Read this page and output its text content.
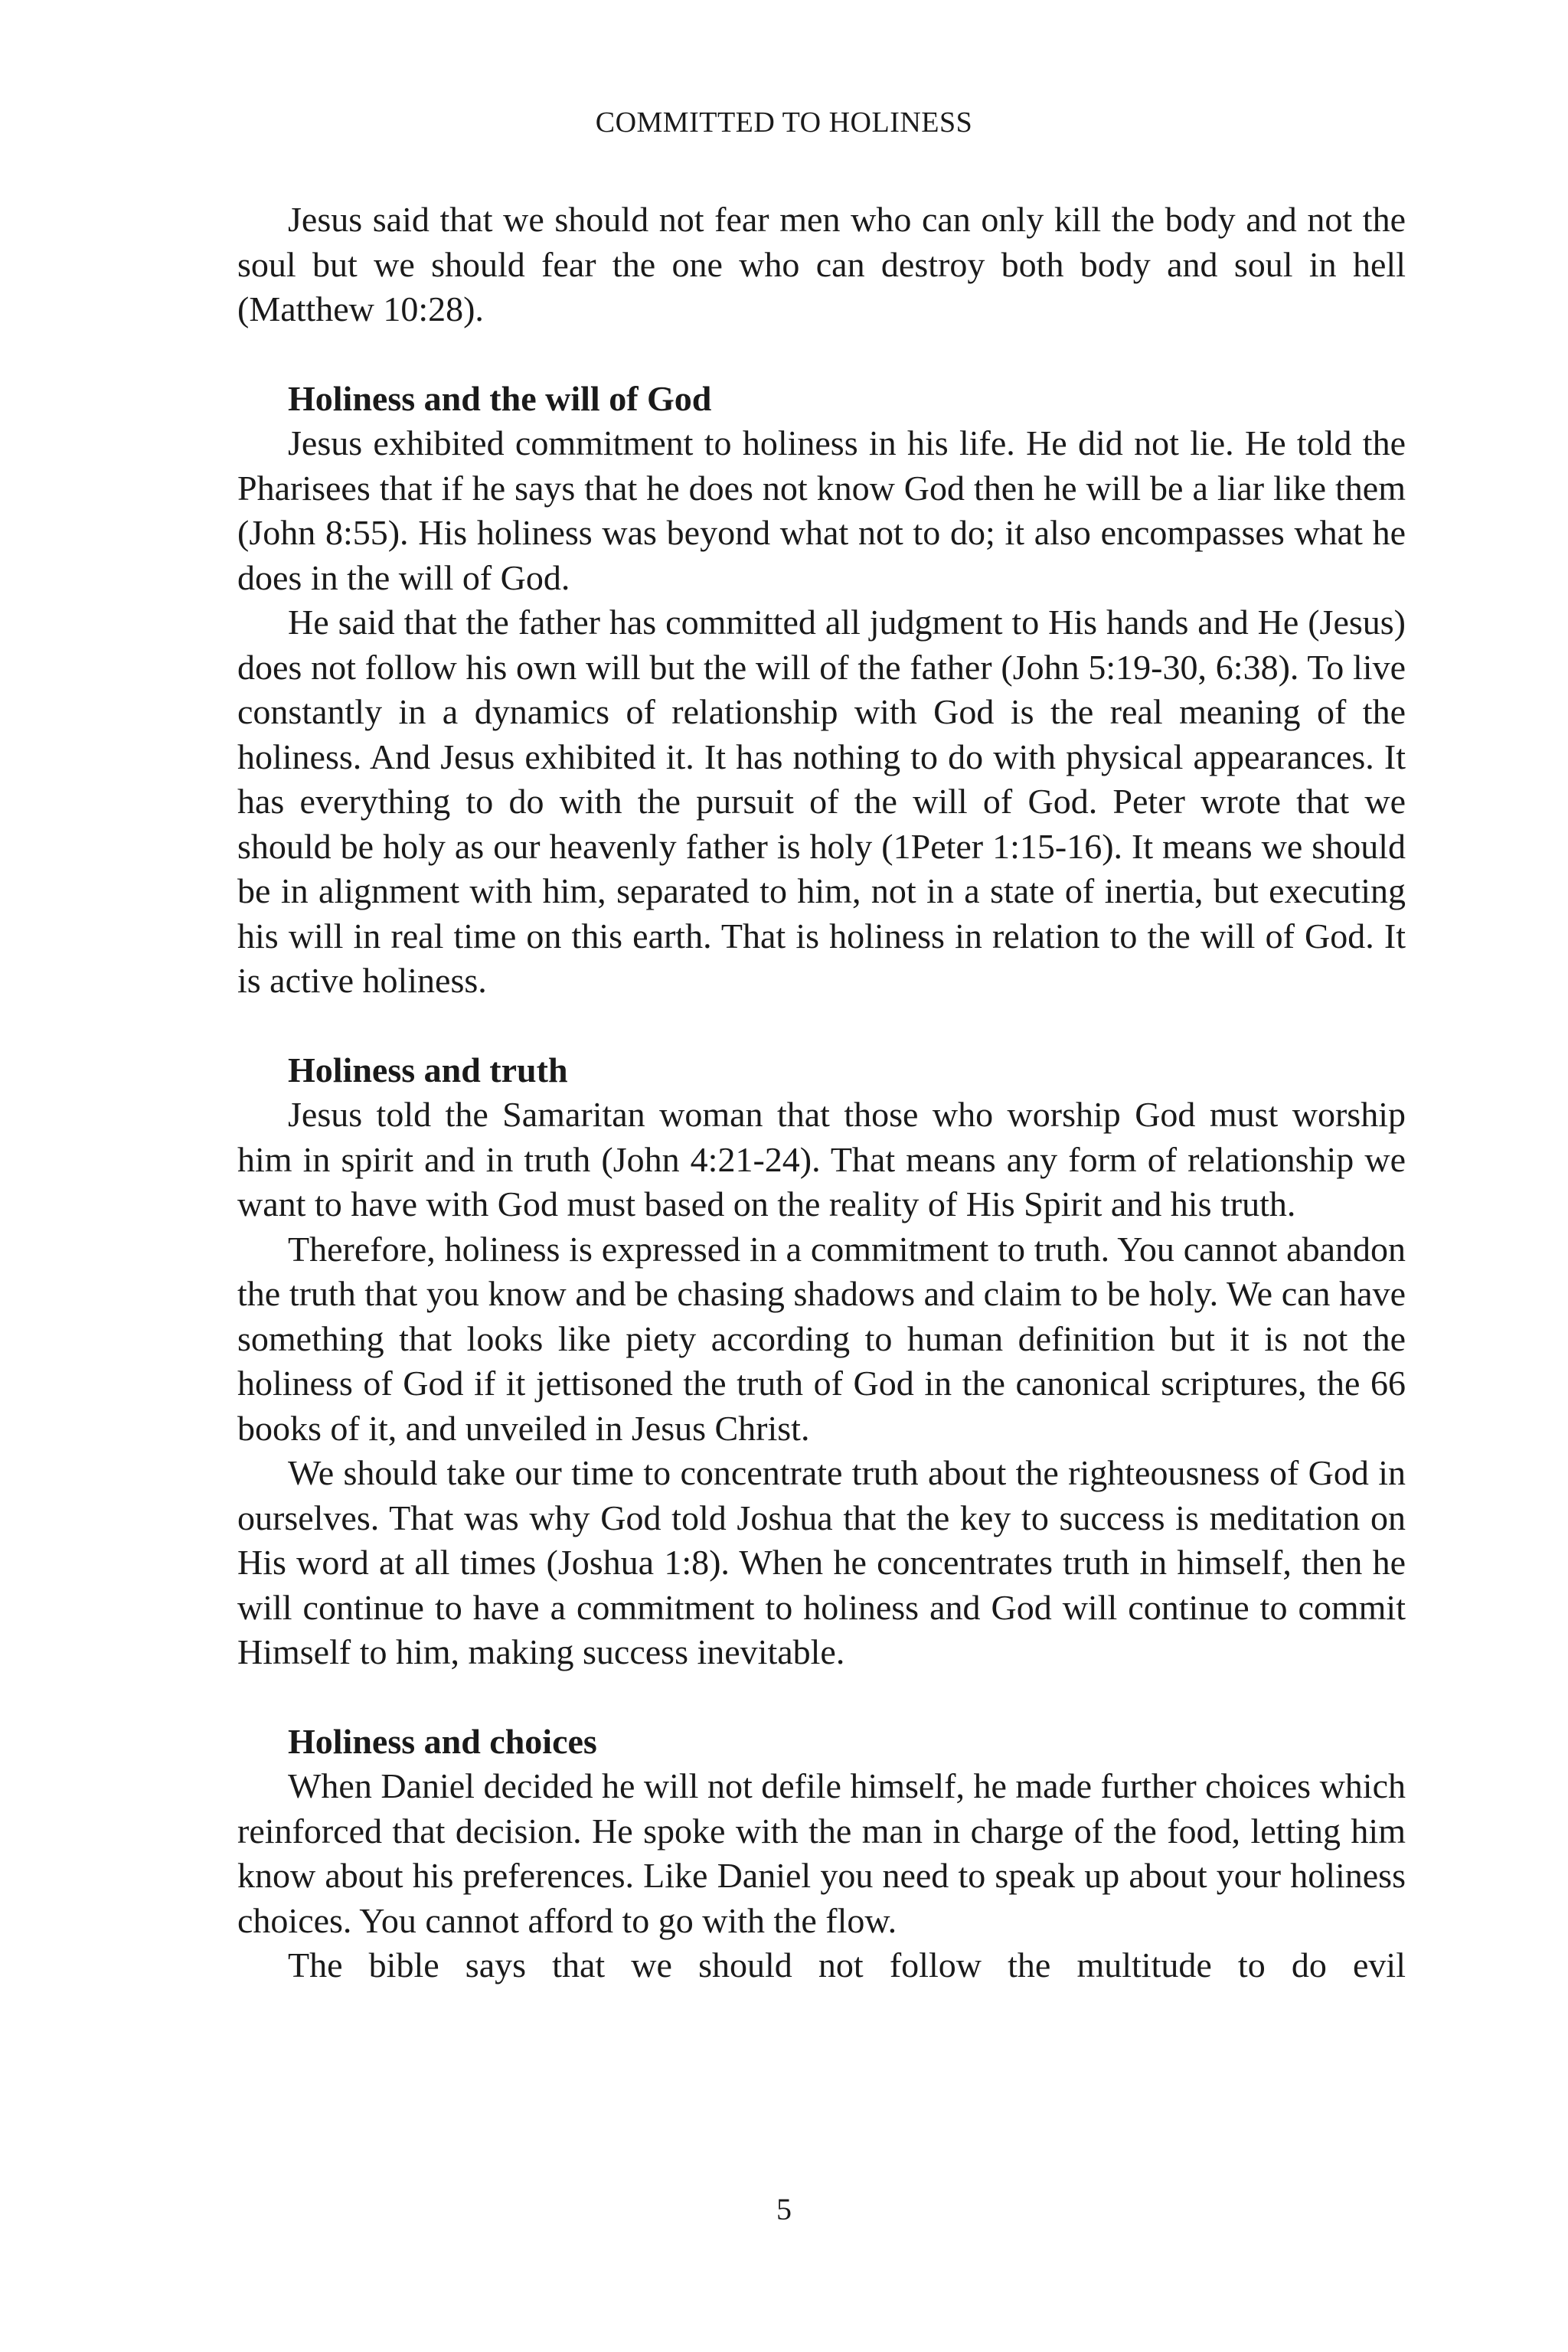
COMMITTED TO HOLINESS

Jesus said that we should not fear men who can only kill the body and not the soul but we should fear the one who can destroy both body and soul in hell (Matthew 10:28).

Holiness and the will of God

Jesus exhibited commitment to holiness in his life. He did not lie. He told the Pharisees that if he says that he does not know God then he will be a liar like them (John 8:55). His holiness was beyond what not to do; it also encompasses what he does in the will of God.

He said that the father has committed all judgment to His hands and He (Jesus) does not follow his own will but the will of the father (John 5:19-30, 6:38). To live constantly in a dynamics of relationship with God is the real meaning of the holiness. And Jesus exhibited it. It has nothing to do with physical appearances. It has everything to do with the pursuit of the will of God. Peter wrote that we should be holy as our heavenly father is holy (1Peter 1:15-16). It means we should be in alignment with him, separated to him, not in a state of inertia, but executing his will in real time on this earth. That is holiness in relation to the will of God. It is active holiness.

Holiness and truth

Jesus told the Samaritan woman that those who worship God must worship him in spirit and in truth (John 4:21-24). That means any form of relationship we want to have with God must based on the reality of His Spirit and his truth.

Therefore, holiness is expressed in a commitment to truth. You cannot abandon the truth that you know and be chasing shadows and claim to be holy. We can have something that looks like piety according to human definition but it is not the holiness of God if it jettisoned the truth of God in the canonical scriptures, the 66 books of it, and unveiled in Jesus Christ.

We should take our time to concentrate truth about the righteousness of God in ourselves. That was why God told Joshua that the key to success is meditation on His word at all times (Joshua 1:8). When he concentrates truth in himself, then he will continue to have a commitment to holiness and God will continue to commit Himself to him, making success inevitable.

Holiness and choices

When Daniel decided he will not defile himself, he made further choices which reinforced that decision. He spoke with the man in charge of the food, letting him know about his preferences. Like Daniel you need to speak up about your holiness choices. You cannot afford to go with the flow.

The bible says that we should not follow the multitude to do evil

5
